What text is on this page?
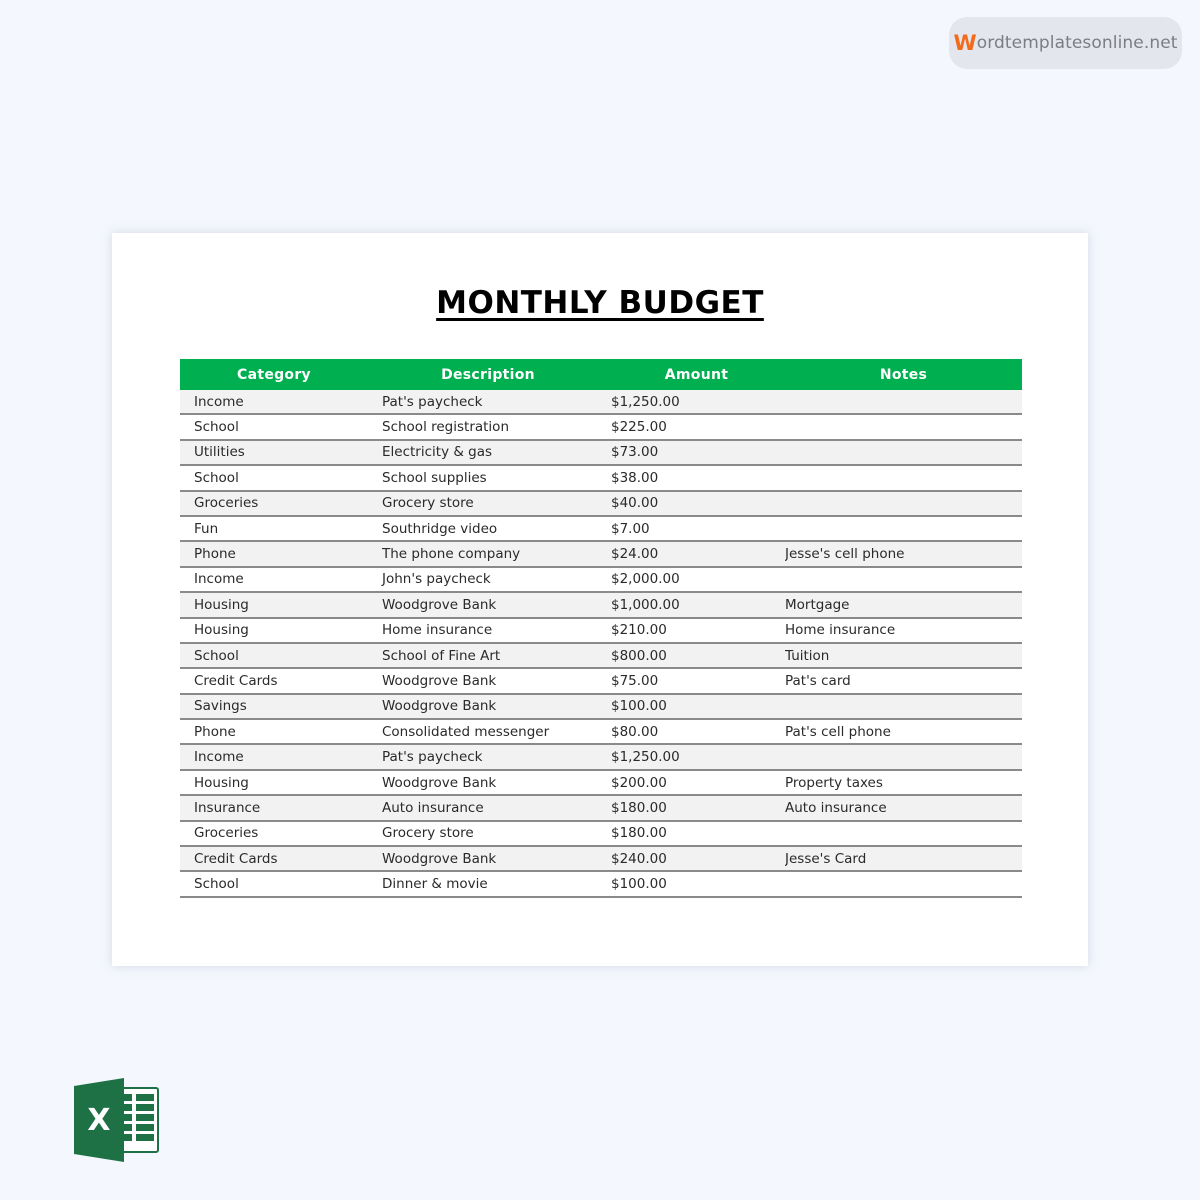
W ordtemplatesonline.net
MONTHLY BUDGET
Category	Description	Amount	Notes
Income	Pat's paycheck	$1,250.00	
School	School registration	$225.00	
Utilities	Electricity & gas	$73.00	
School	School supplies	$38.00	
Groceries	Grocery store	$40.00	
Fun	Southridge video	$7.00	
Phone	The phone company	$24.00	Jesse's cell phone
Income	John's paycheck	$2,000.00	
Housing	Woodgrove Bank	$1,000.00	Mortgage
Housing	Home insurance	$210.00	Home insurance
School	School of Fine Art	$800.00	Tuition
Credit Cards	Woodgrove Bank	$75.00	Pat's card
Savings	Woodgrove Bank	$100.00	
Phone	Consolidated messenger	$80.00	Pat's cell phone
Income	Pat's paycheck	$1,250.00	
Housing	Woodgrove Bank	$200.00	Property taxes
Insurance	Auto insurance	$180.00	Auto insurance
Groceries	Grocery store	$180.00	
Credit Cards	Woodgrove Bank	$240.00	Jesse's Card
School	Dinner & movie	$100.00	
X
